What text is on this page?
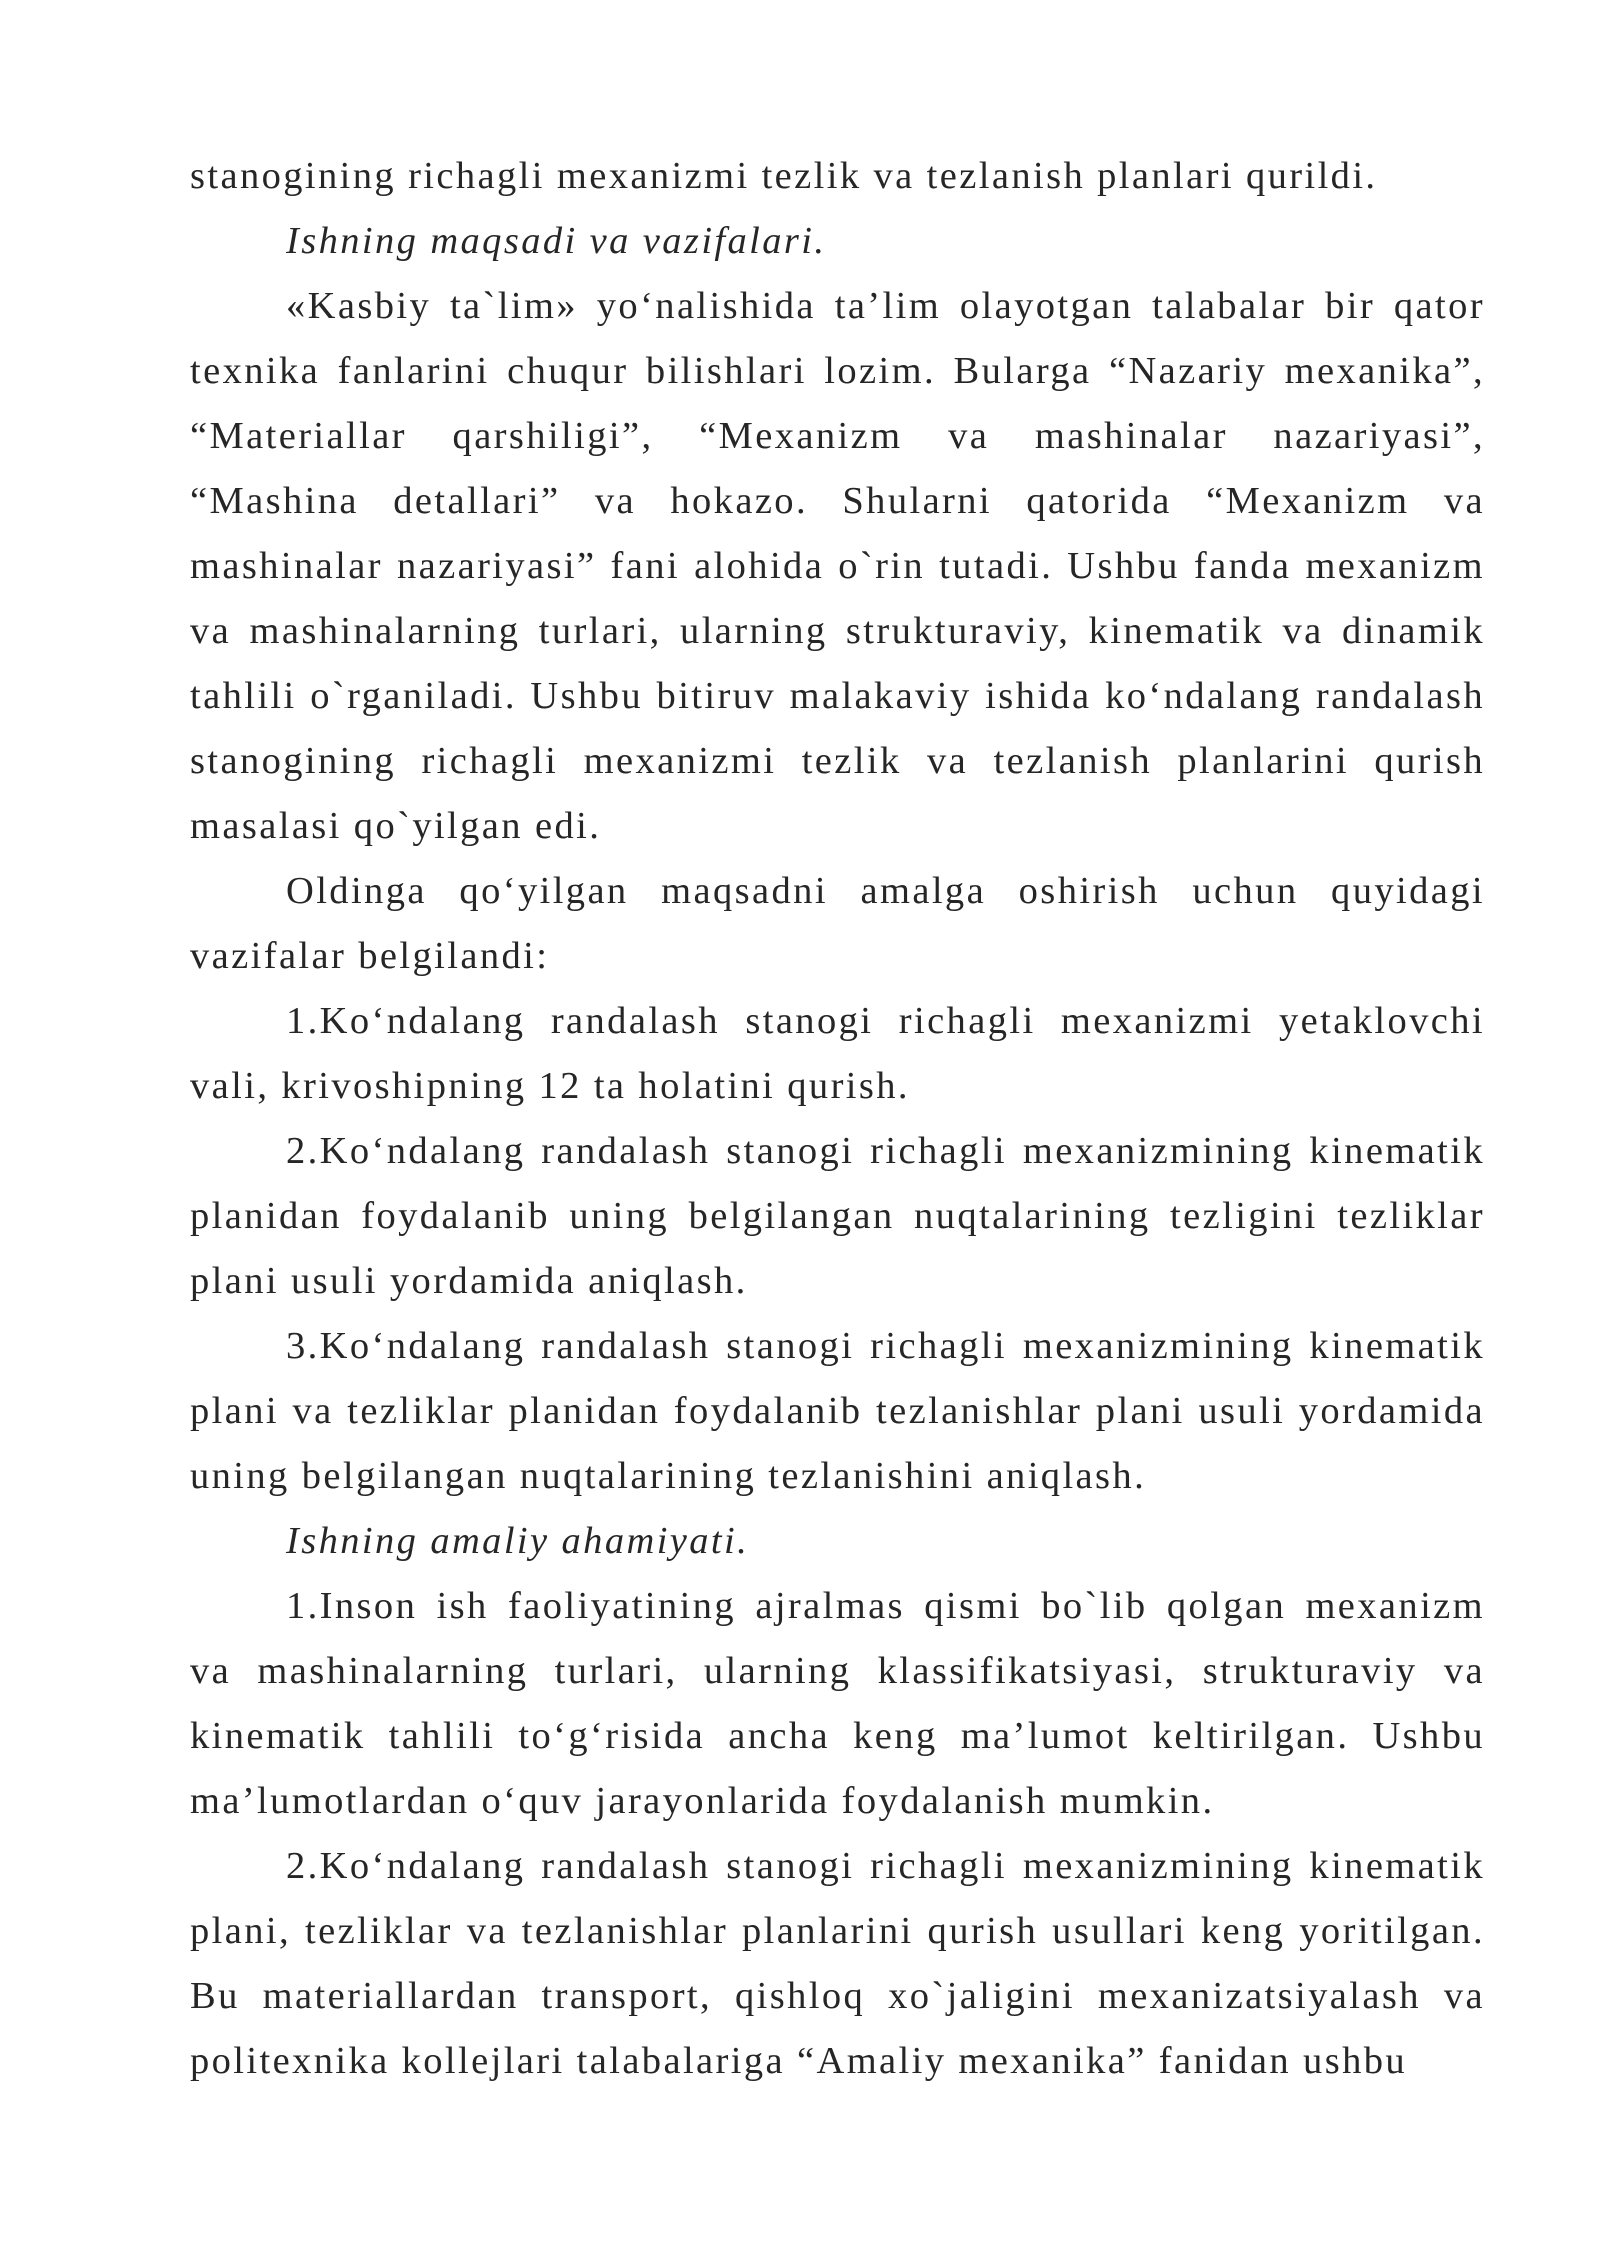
stanogining richagli mexanizmi tezlik va tezlanish planlari qurildi.

Ishning maqsadi va vazifalari.

«Kasbiy ta`lim» yo‘nalishida ta’lim olayotgan talabalar bir qator texnika fanlarini chuqur bilishlari lozim. Bularga “Nazariy mexanika”, “Materiallar qarshiligi”, “Mexanizm va mashinalar nazariyasi”, “Mashina detallari” va hokazo. Shularni qatorida “Mexanizm va mashinalar nazariyasi” fani alohida o`rin tutadi. Ushbu fanda mexanizm va mashinalarning turlari, ularning strukturaviy, kinematik va dinamik tahlili o`rganiladi. Ushbu bitiruv malakaviy ishida ko‘ndalang randalash stanogining richagli mexanizmi tezlik va tezlanish planlarini qurish masalasi qo`yilgan edi.

Oldinga qo‘yilgan maqsadni amalga oshirish uchun quyidagi vazifalar belgilandi:

1.Ko‘ndalang randalash stanogi richagli mexanizmi yetaklovchi vali, krivoshipning 12 ta holatini qurish.

2.Ko‘ndalang randalash stanogi richagli mexanizmining kinematik planidan foydalanib uning belgilangan nuqtalarining tezligini tezliklar plani usuli yordamida aniqlash.

3.Ko‘ndalang randalash stanogi richagli mexanizmining kinematik plani va tezliklar planidan foydalanib tezlanishlar plani usuli yordamida uning belgilangan nuqtalarining tezlanishini aniqlash.

Ishning amaliy ahamiyati.

1.Inson ish faoliyatining ajralmas qismi bo`lib qolgan mexanizm va mashinalarning turlari, ularning klassifikatsiyasi, strukturaviy va kinematik tahlili to‘g‘risida ancha keng ma’lumot keltirilgan. Ushbu ma’lumotlardan o‘quv jarayonlarida foydalanish mumkin.

2.Ko‘ndalang randalash stanogi richagli mexanizmining kinematik plani, tezliklar va tezlanishlar planlarini qurish usullari keng yoritilgan. Bu materiallardan transport, qishloq xo`jaligini mexanizatsiyalash va politexnika kollejlari talabalariga “Amaliy mexanika” fanidan ushbu
